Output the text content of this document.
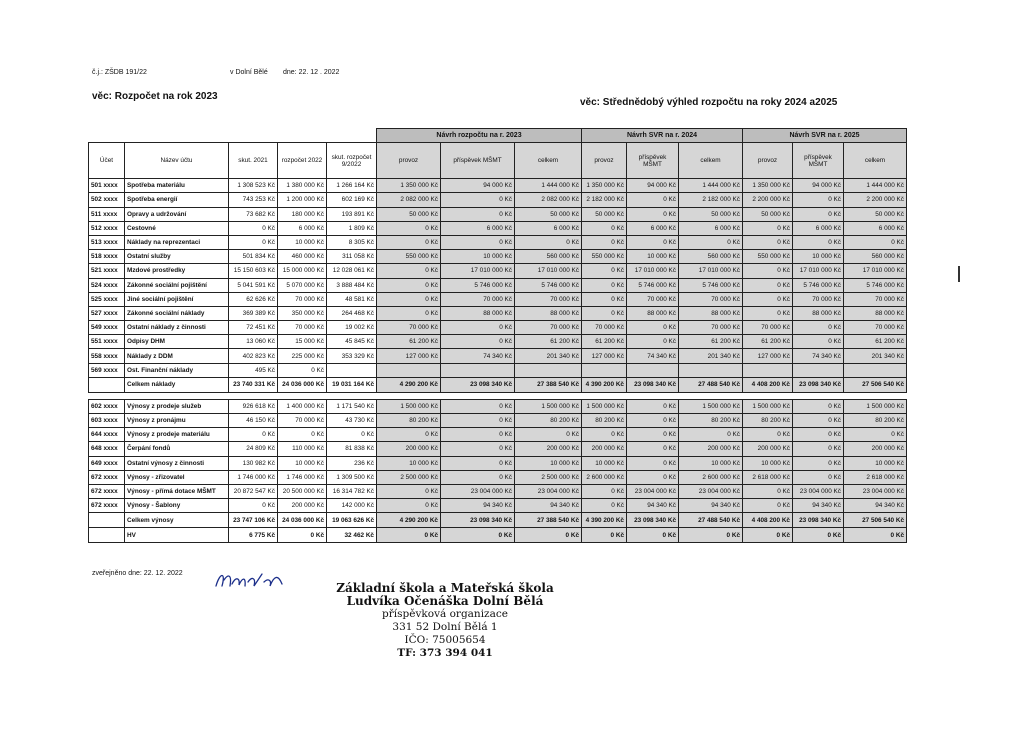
č.j.: ZŠDB 191/22	v Dolní Bělé dne: 22. 12 . 2022
věc: Rozpočet na rok 2023
věc: Střednědobý výhled rozpočtu na roky 2024 a2025
					Návrh rozpočtu na r. 2023			Návrh SVR na r. 2024			Návrh SVR na r. 2025		
Účet	Název účtu	skut. 2021	rozpočet 2022	skut. rozpočet 9/2022	provoz	příspěvek MŠMT	celkem	provoz	příspěvek MŠMT	celkem	provoz	příspěvek MŠMT	celkem
501 xxxx	Spotřeba materiálu	1 308 523 Kč	1 380 000 Kč	1 266 164 Kč	1 350 000 Kč	94 000 Kč	1 444 000 Kč	1 350 000 Kč	94 000 Kč	1 444 000 Kč	1 350 000 Kč	94 000 Kč	1 444 000 Kč
502 xxxx	Spotřeba energií	743 253 Kč	1 200 000 Kč	602 169 Kč	2 082 000 Kč	0 Kč	2 082 000 Kč	2 182 000 Kč	0 Kč	2 182 000 Kč	2 200 000 Kč	0 Kč	2 200 000 Kč
511 xxxx	Opravy a udržování	73 682 Kč	180 000 Kč	193 891 Kč	50 000 Kč	0 Kč	50 000 Kč	50 000 Kč	0 Kč	50 000 Kč	50 000 Kč	0 Kč	50 000 Kč
512 xxxx	Cestovné	0 Kč	6 000 Kč	1 809 Kč	0 Kč	6 000 Kč	6 000 Kč	0 Kč	6 000 Kč	6 000 Kč	0 Kč	6 000 Kč	6 000 Kč
513 xxxx	Náklady na reprezentaci	0 Kč	10 000 Kč	8 305 Kč	0 Kč	0 Kč	0 Kč	0 Kč	0 Kč	0 Kč	0 Kč	0 Kč	0 Kč
518 xxxx	Ostatní služby	501 834 Kč	460 000 Kč	311 058 Kč	550 000 Kč	10 000 Kč	560 000 Kč	550 000 Kč	10 000 Kč	560 000 Kč	550 000 Kč	10 000 Kč	560 000 Kč
521 xxxx	Mzdové prostředky	15 150 603 Kč	15 000 000 Kč	12 028 061 Kč	0 Kč	17 010 000 Kč	17 010 000 Kč	0 Kč	17 010 000 Kč	17 010 000 Kč	0 Kč	17 010 000 Kč	17 010 000 Kč
524 xxxx	Zákonné sociální pojištění	5 041 591 Kč	5 070 000 Kč	3 888 484 Kč	0 Kč	5 746 000 Kč	5 746 000 Kč	0 Kč	5 746 000 Kč	5 746 000 Kč	0 Kč	5 746 000 Kč	5 746 000 Kč
525 xxxx	Jiné sociální pojištění	62 626 Kč	70 000 Kč	48 581 Kč	0 Kč	70 000 Kč	70 000 Kč	0 Kč	70 000 Kč	70 000 Kč	0 Kč	70 000 Kč	70 000 Kč
527 xxxx	Zákonné sociální náklady	369 389 Kč	350 000 Kč	264 468 Kč	0 Kč	88 000 Kč	88 000 Kč	0 Kč	88 000 Kč	88 000 Kč	0 Kč	88 000 Kč	88 000 Kč
549 xxxx	Ostatní náklady z činnosti	72 451 Kč	70 000 Kč	19 002 Kč	70 000 Kč	0 Kč	70 000 Kč	70 000 Kč	0 Kč	70 000 Kč	70 000 Kč	0 Kč	70 000 Kč
551 xxxx	Odpisy DHM	13 060 Kč	15 000 Kč	45 845 Kč	61 200 Kč	0 Kč	61 200 Kč	61 200 Kč	0 Kč	61 200 Kč	61 200 Kč	0 Kč	61 200 Kč
558 xxxx	Náklady z DDM	402 823 Kč	225 000 Kč	353 329 Kč	127 000 Kč	74 340 Kč	201 340 Kč	127 000 Kč	74 340 Kč	201 340 Kč	127 000 Kč	74 340 Kč	201 340 Kč
569 xxxx	Ost. Finanční náklady	495 Kč	0 Kč										
	Celkem náklady	23 740 331 Kč	24 036 000 Kč	19 031 164 Kč	4 290 200 Kč	23 098 340 Kč	27 388 540 Kč	4 390 200 Kč	23 098 340 Kč	27 488 540 Kč	4 408 200 Kč	23 098 340 Kč	27 506 540 Kč

602 xxxx	Výnosy z prodeje služeb	926 618 Kč	1 400 000 Kč	1 171 540 Kč	1 500 000 Kč	0 Kč	1 500 000 Kč	1 500 000 Kč	0 Kč	1 500 000 Kč	1 500 000 Kč	0 Kč	1 500 000 Kč
603 xxxx	Výnosy z pronájmu	46 150 Kč	70 000 Kč	43 730 Kč	80 200 Kč	0 Kč	80 200 Kč	80 200 Kč	0 Kč	80 200 Kč	80 200 Kč	0 Kč	80 200 Kč
644 xxxx	Výnosy z prodeje materiálu	0 Kč	0 Kč	0 Kč	0 Kč	0 Kč	0 Kč	0 Kč	0 Kč	0 Kč	0 Kč	0 Kč	0 Kč
648 xxxx	Čerpání fondů	24 809 Kč	110 000 Kč	81 838 Kč	200 000 Kč	0 Kč	200 000 Kč	200 000 Kč	0 Kč	200 000 Kč	200 000 Kč	0 Kč	200 000 Kč
649 xxxx	Ostatní výnosy z činnosti	130 982 Kč	10 000 Kč	236 Kč	10 000 Kč	0 Kč	10 000 Kč	10 000 Kč	0 Kč	10 000 Kč	10 000 Kč	0 Kč	10 000 Kč
672 xxxx	Výnosy - zřizovatel	1 746 000 Kč	1 746 000 Kč	1 309 500 Kč	2 500 000 Kč	0 Kč	2 500 000 Kč	2 600 000 Kč	0 Kč	2 600 000 Kč	2 618 000 Kč	0 Kč	2 618 000 Kč
672 xxxx	Výnosy - přímá dotace MŠMT	20 872 547 Kč	20 500 000 Kč	16 314 782 Kč	0 Kč	23 004 000 Kč	23 004 000 Kč	0 Kč	23 004 000 Kč	23 004 000 Kč	0 Kč	23 004 000 Kč	23 004 000 Kč
672 xxxx	Výnosy - Šablony	0 Kč	200 000 Kč	142 000 Kč	0 Kč	94 340 Kč	94 340 Kč	0 Kč	94 340 Kč	94 340 Kč	0 Kč	94 340 Kč	94 340 Kč
	Celkem výnosy	23 747 106 Kč	24 036 000 Kč	19 063 626 Kč	4 290 200 Kč	23 098 340 Kč	27 388 540 Kč	4 390 200 Kč	23 098 340 Kč	27 488 540 Kč	4 408 200 Kč	23 098 340 Kč	27 506 540 Kč
	HV	6 775 Kč	0 Kč	32 462 Kč	0 Kč	0 Kč	0 Kč	0 Kč	0 Kč	0 Kč	0 Kč	0 Kč	0 Kč
zveřejněno dne: 22. 12. 2022
Základní škola a Mateřská škola
Ludvíka Očenáška Dolní Bělá
příspěvková organizace
331 52 Dolní Bělá 1
IČO: 75005654
TF: 373 394 041
